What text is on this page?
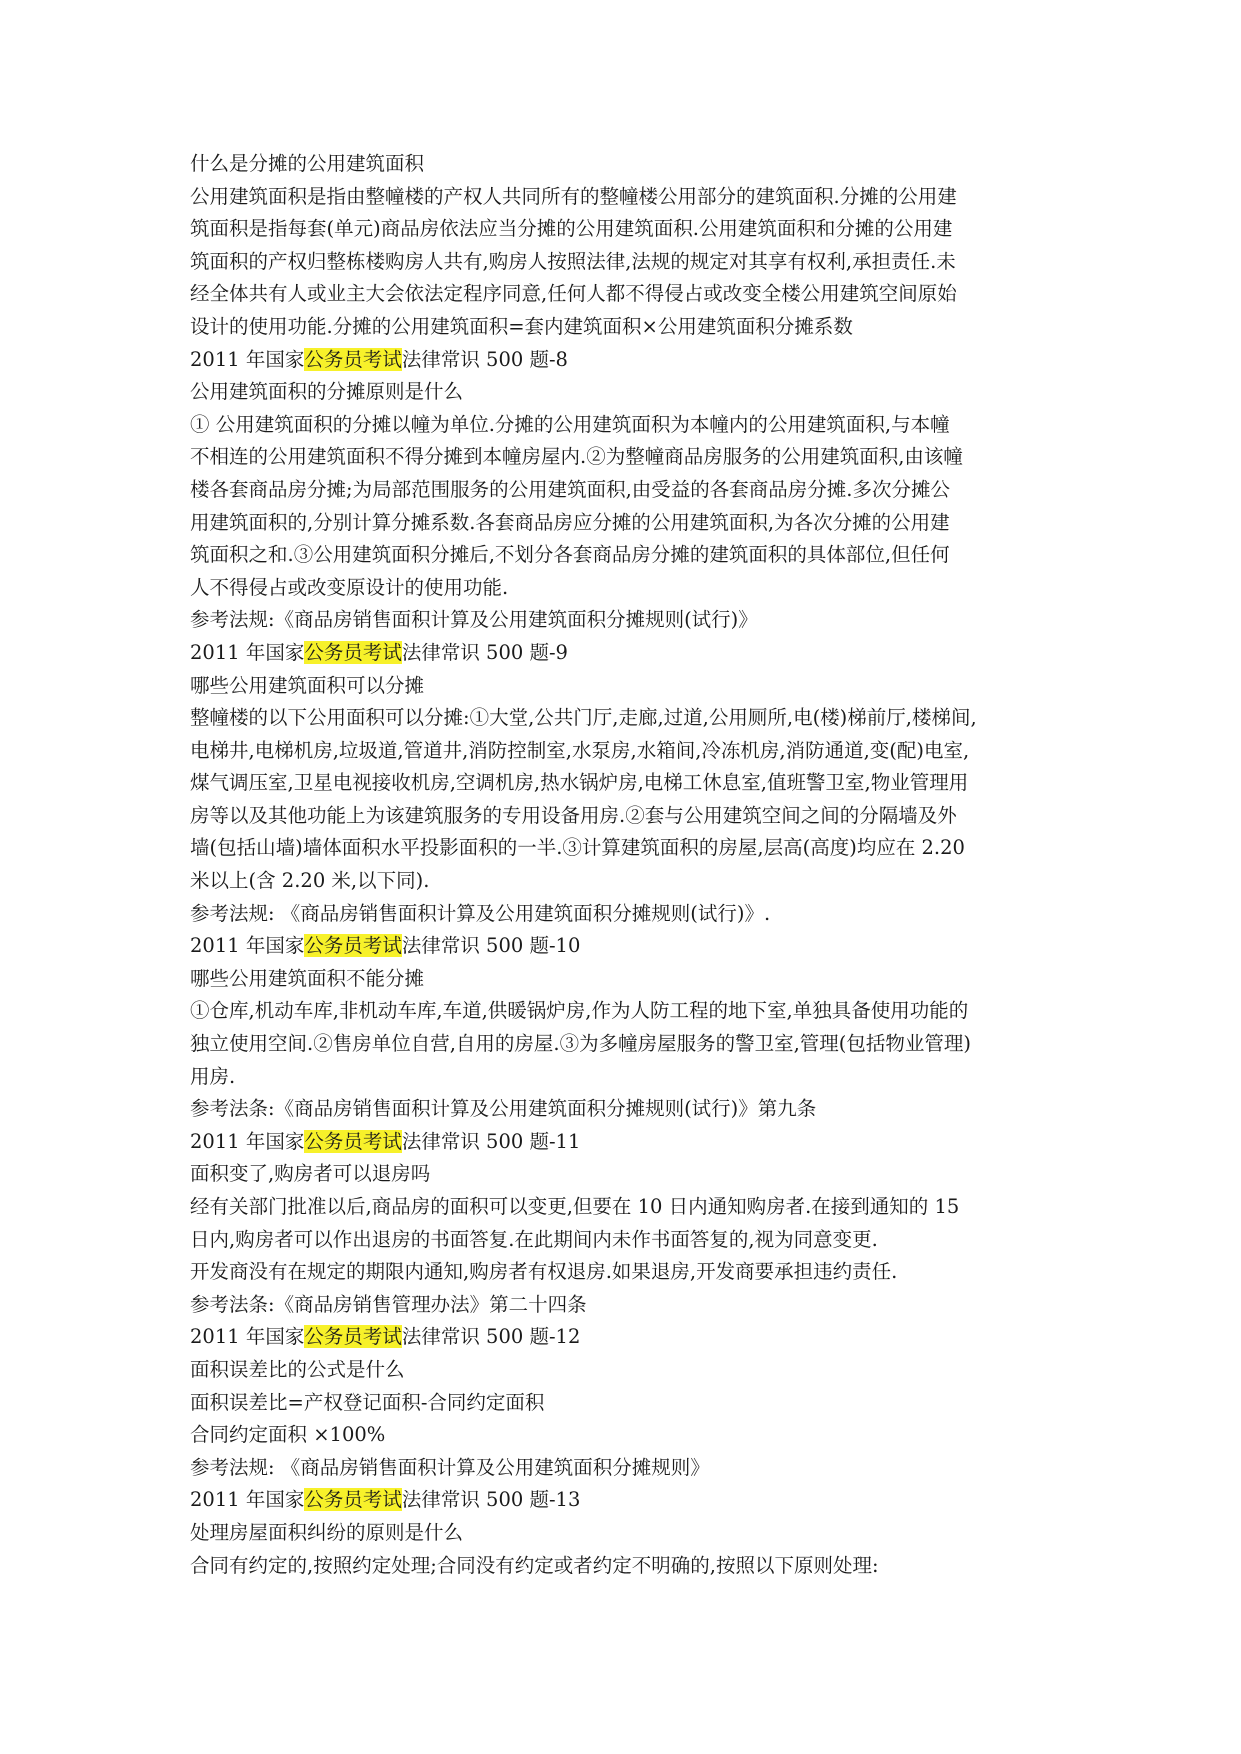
什么是分摊的公用建筑面积
公用建筑面积是指由整幢楼的产权人共同所有的整幢楼公用部分的建筑面积.分摊的公用建
筑面积是指每套(单元)商品房依法应当分摊的公用建筑面积.公用建筑面积和分摊的公用建
筑面积的产权归整栋楼购房人共有,购房人按照法律,法规的规定对其享有权利,承担责任.未
经全体共有人或业主大会依法定程序同意,任何人都不得侵占或改变全楼公用建筑空间原始
设计的使用功能.分摊的公用建筑面积=套内建筑面积×公用建筑面积分摊系数
2011 年国家公务员考试法律常识 500 题-8
公用建筑面积的分摊原则是什么
① 公用建筑面积的分摊以幢为单位.分摊的公用建筑面积为本幢内的公用建筑面积,与本幢
不相连的公用建筑面积不得分摊到本幢房屋内.②为整幢商品房服务的公用建筑面积,由该幢
楼各套商品房分摊;为局部范围服务的公用建筑面积,由受益的各套商品房分摊.多次分摊公
用建筑面积的,分别计算分摊系数.各套商品房应分摊的公用建筑面积,为各次分摊的公用建
筑面积之和.③公用建筑面积分摊后,不划分各套商品房分摊的建筑面积的具体部位,但任何
人不得侵占或改变原设计的使用功能.
参考法规:《商品房销售面积计算及公用建筑面积分摊规则(试行)》
2011 年国家公务员考试法律常识 500 题-9
哪些公用建筑面积可以分摊
整幢楼的以下公用面积可以分摊:①大堂,公共门厅,走廊,过道,公用厕所,电(楼)梯前厅,楼梯间,
电梯井,电梯机房,垃圾道,管道井,消防控制室,水泵房,水箱间,冷冻机房,消防通道,变(配)电室,
煤气调压室,卫星电视接收机房,空调机房,热水锅炉房,电梯工休息室,值班警卫室,物业管理用
房等以及其他功能上为该建筑服务的专用设备用房.②套与公用建筑空间之间的分隔墙及外
墙(包括山墙)墙体面积水平投影面积的一半.③计算建筑面积的房屋,层高(高度)均应在 2.20
米以上(含 2.20 米,以下同).
参考法规: 《商品房销售面积计算及公用建筑面积分摊规则(试行)》.
2011 年国家公务员考试法律常识 500 题-10
哪些公用建筑面积不能分摊
①仓库,机动车库,非机动车库,车道,供暖锅炉房,作为人防工程的地下室,单独具备使用功能的
独立使用空间.②售房单位自营,自用的房屋.③为多幢房屋服务的警卫室,管理(包括物业管理)
用房.
参考法条:《商品房销售面积计算及公用建筑面积分摊规则(试行)》第九条
2011 年国家公务员考试法律常识 500 题-11
面积变了,购房者可以退房吗
经有关部门批准以后,商品房的面积可以变更,但要在 10 日内通知购房者.在接到通知的 15
日内,购房者可以作出退房的书面答复.在此期间内未作书面答复的,视为同意变更.
开发商没有在规定的期限内通知,购房者有权退房.如果退房,开发商要承担违约责任.
参考法条:《商品房销售管理办法》第二十四条
2011 年国家公务员考试法律常识 500 题-12
面积误差比的公式是什么
面积误差比=产权登记面积-合同约定面积
合同约定面积 ×100%
参考法规: 《商品房销售面积计算及公用建筑面积分摊规则》
2011 年国家公务员考试法律常识 500 题-13
处理房屋面积纠纷的原则是什么
合同有约定的,按照约定处理;合同没有约定或者约定不明确的,按照以下原则处理:
